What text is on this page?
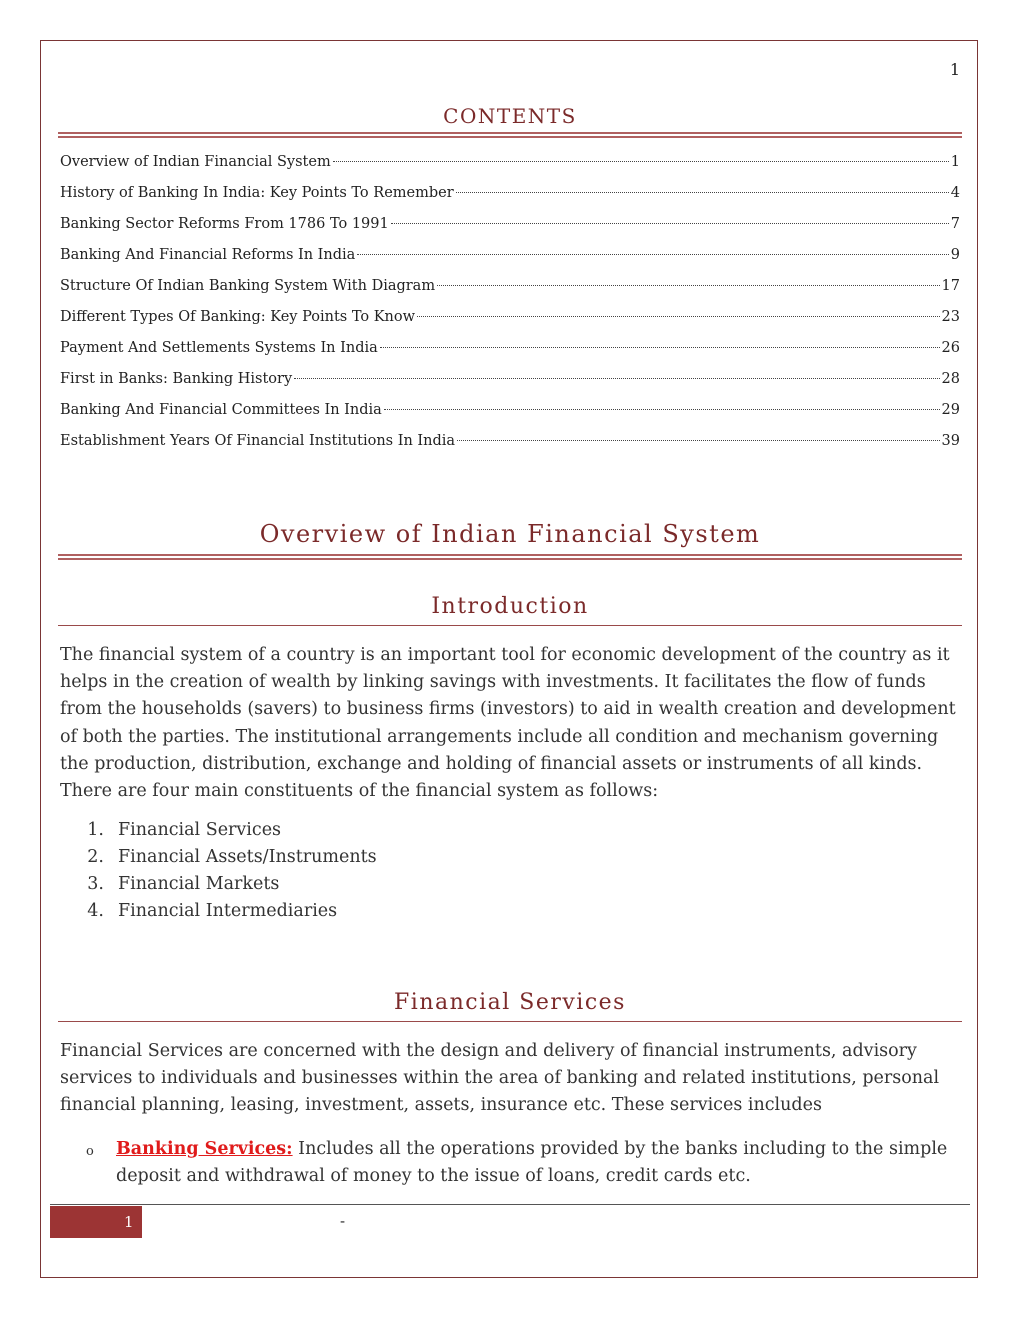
1
CONTENTS
Overview of Indian Financial System	1
History of Banking In India: Key Points To Remember	4
Banking Sector Reforms From 1786 To 1991	7
Banking And Financial Reforms In India	9
Structure Of Indian Banking System With Diagram	17
Different Types Of Banking: Key Points To Know	23
Payment And Settlements Systems In India	26
First in Banks: Banking History	28
Banking And Financial Committees In India	29
Establishment Years Of Financial Institutions In India	39
Overview of Indian Financial System
Introduction

The financial system of a country is an important tool for economic development of the country as it helps in the creation of wealth by linking savings with investments. It facilitates the flow of funds from the households (savers) to business firms (investors) to aid in wealth creation and development of both the parties. The institutional arrangements include all condition and mechanism governing the production, distribution, exchange and holding of financial assets or instruments of all kinds. There are four main constituents of the financial system as follows:

1. Financial Services
2. Financial Assets/Instruments
3. Financial Markets
4. Financial Intermediaries
Financial Services

Financial Services are concerned with the design and delivery of financial instruments, advisory services to individuals and businesses within the area of banking and related institutions, personal financial planning, leasing, investment, assets, insurance etc. These services includes

o Banking Services: Includes all the operations provided by the banks including to the simple deposit and withdrawal of money to the issue of loans, credit cards etc.
1	-
